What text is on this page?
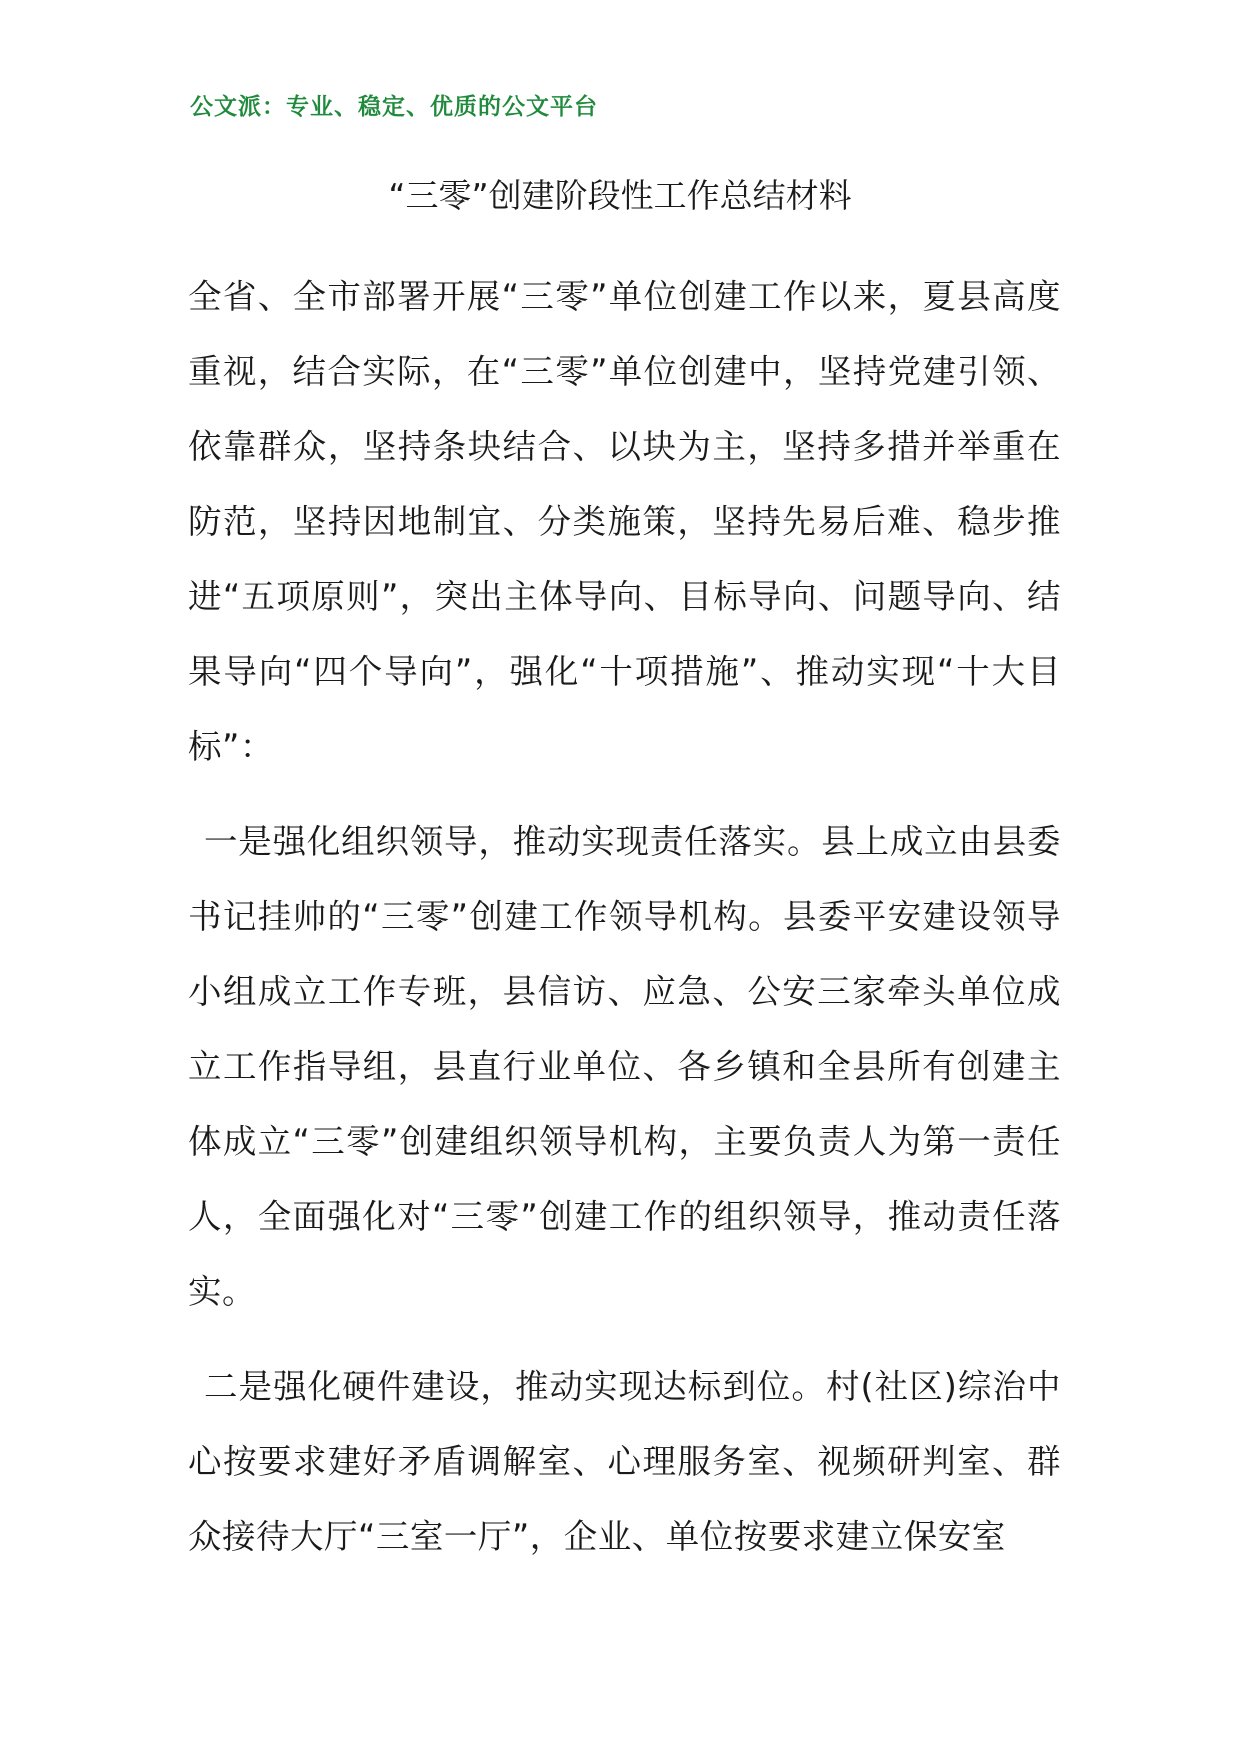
公文派：专业、稳定、优质的公文平台
“三零”创建阶段性工作总结材料

全省、全市部署开展“三零”单位创建工作以来，夏县高度重视，结合实际，在“三零”单位创建中，坚持党建引领、依靠群众，坚持条块结合、以块为主，坚持多措并举重在防范，坚持因地制宜、分类施策，坚持先易后难、稳步推进“五项原则”，突出主体导向、目标导向、问题导向、结果导向“四个导向”，强化“十项措施”、推动实现“十大目标”：

一是强化组织领导，推动实现责任落实。县上成立由县委书记挂帅的“三零”创建工作领导机构。县委平安建设领导小组成立工作专班，县信访、应急、公安三家牵头单位成立工作指导组，县直行业单位、各乡镇和全县所有创建主体成立“三零”创建组织领导机构，主要负责人为第一责任人，全面强化对“三零”创建工作的组织领导，推动责任落实。

二是强化硬件建设，推动实现达标到位。村(社区)综治中心按要求建好矛盾调解室、心理服务室、视频研判室、群众接待大厅“三室一厅”，企业、单位按要求建立保安室
